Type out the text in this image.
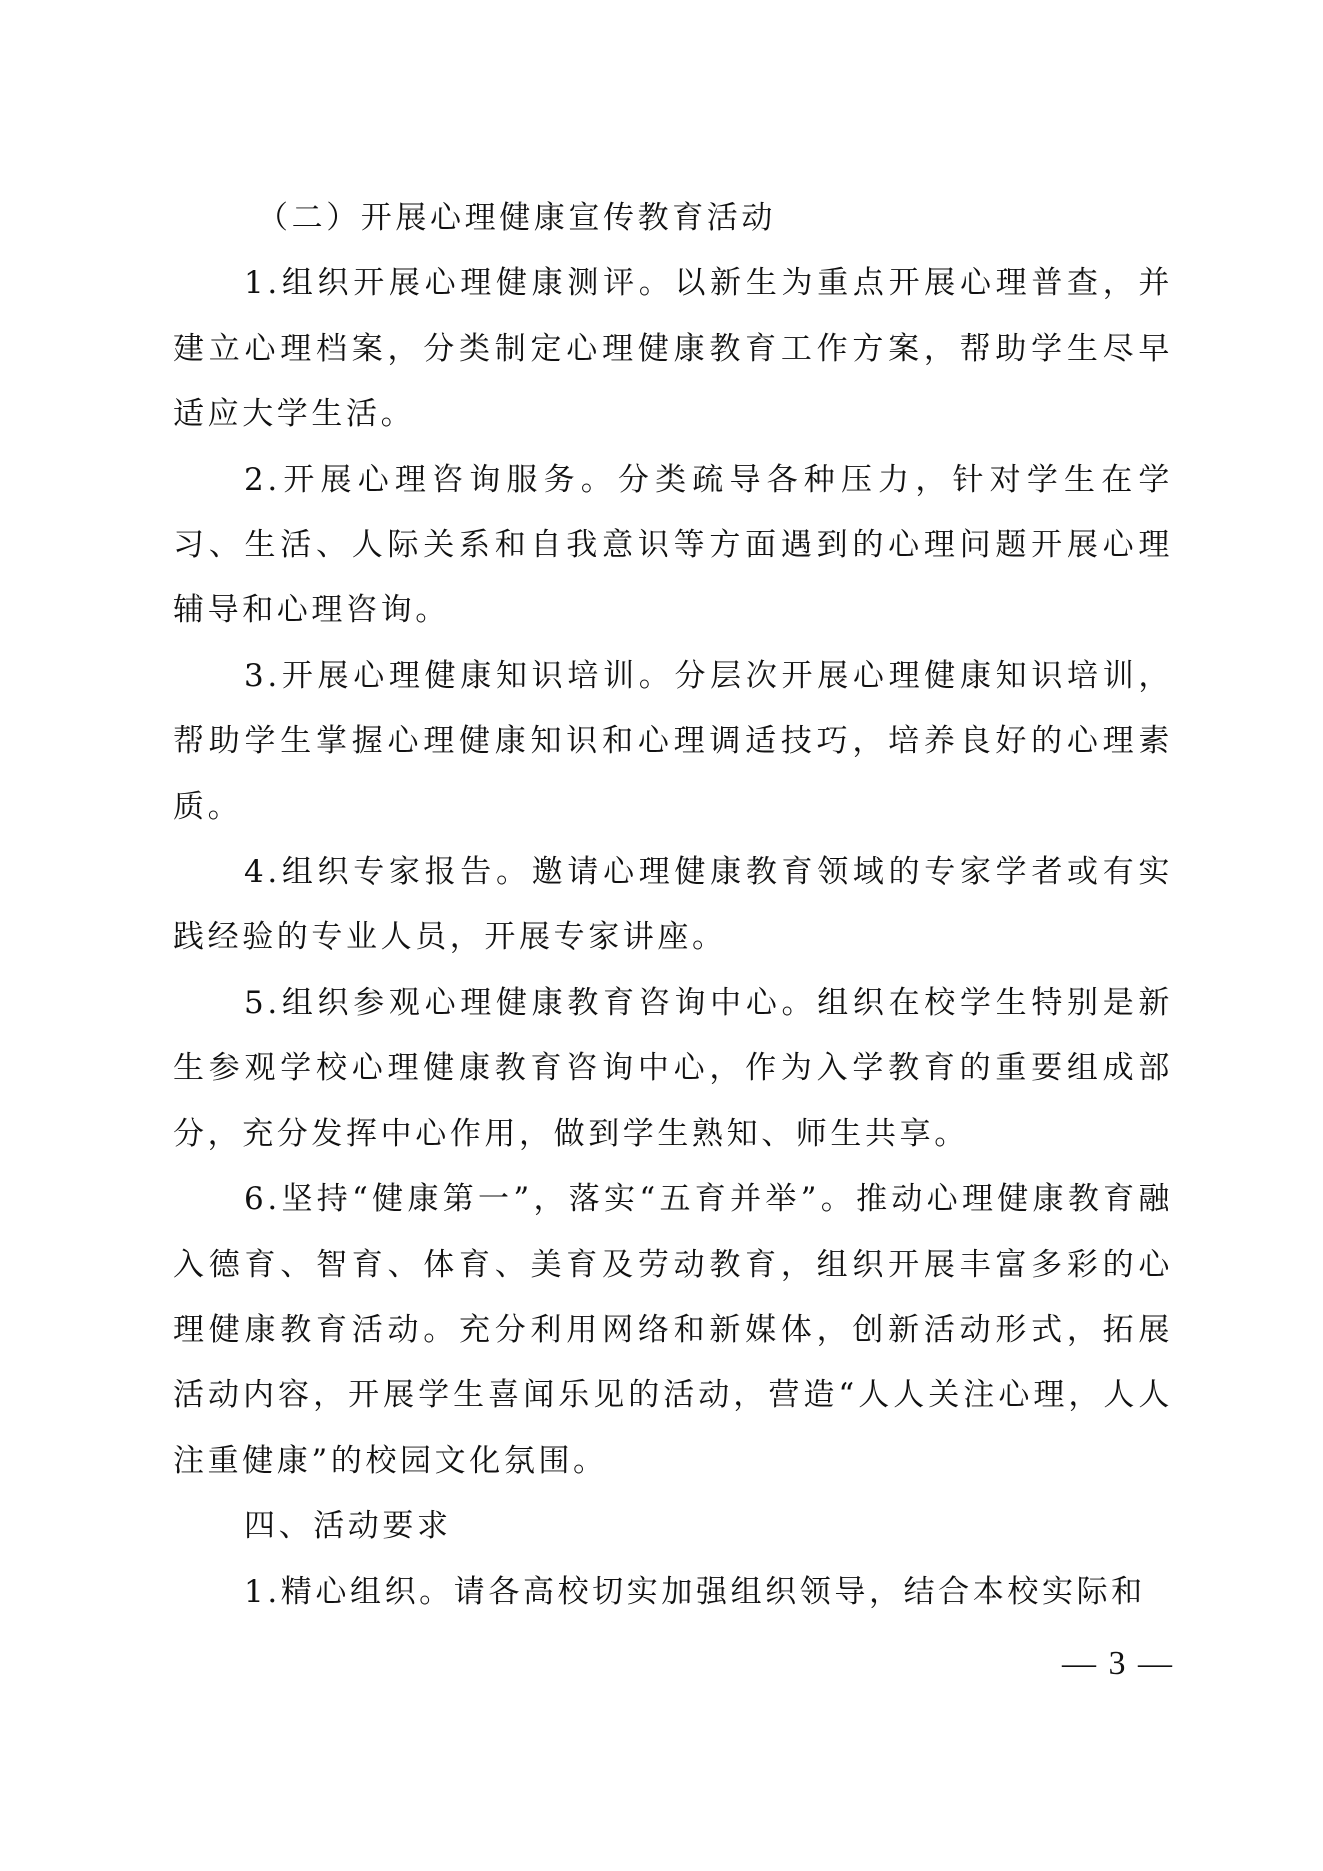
（二）开展心理健康宣传教育活动

1.组织开展心理健康测评。以新生为重点开展心理普查，并建立心理档案，分类制定心理健康教育工作方案，帮助学生尽早适应大学生活。

2.开展心理咨询服务。分类疏导各种压力，针对学生在学习、生活、人际关系和自我意识等方面遇到的心理问题开展心理辅导和心理咨询。

3.开展心理健康知识培训。分层次开展心理健康知识培训，帮助学生掌握心理健康知识和心理调适技巧，培养良好的心理素质。

4.组织专家报告。邀请心理健康教育领域的专家学者或有实践经验的专业人员，开展专家讲座。

5.组织参观心理健康教育咨询中心。组织在校学生特别是新生参观学校心理健康教育咨询中心，作为入学教育的重要组成部分，充分发挥中心作用，做到学生熟知、师生共享。

6.坚持“健康第一”，落实“五育并举”。推动心理健康教育融入德育、智育、体育、美育及劳动教育，组织开展丰富多彩的心理健康教育活动。充分利用网络和新媒体，创新活动形式，拓展活动内容，开展学生喜闻乐见的活动，营造“人人关注心理，人人注重健康”的校园文化氛围。

四、活动要求

1.精心组织。请各高校切实加强组织领导，结合本校实际和

— 3 —
